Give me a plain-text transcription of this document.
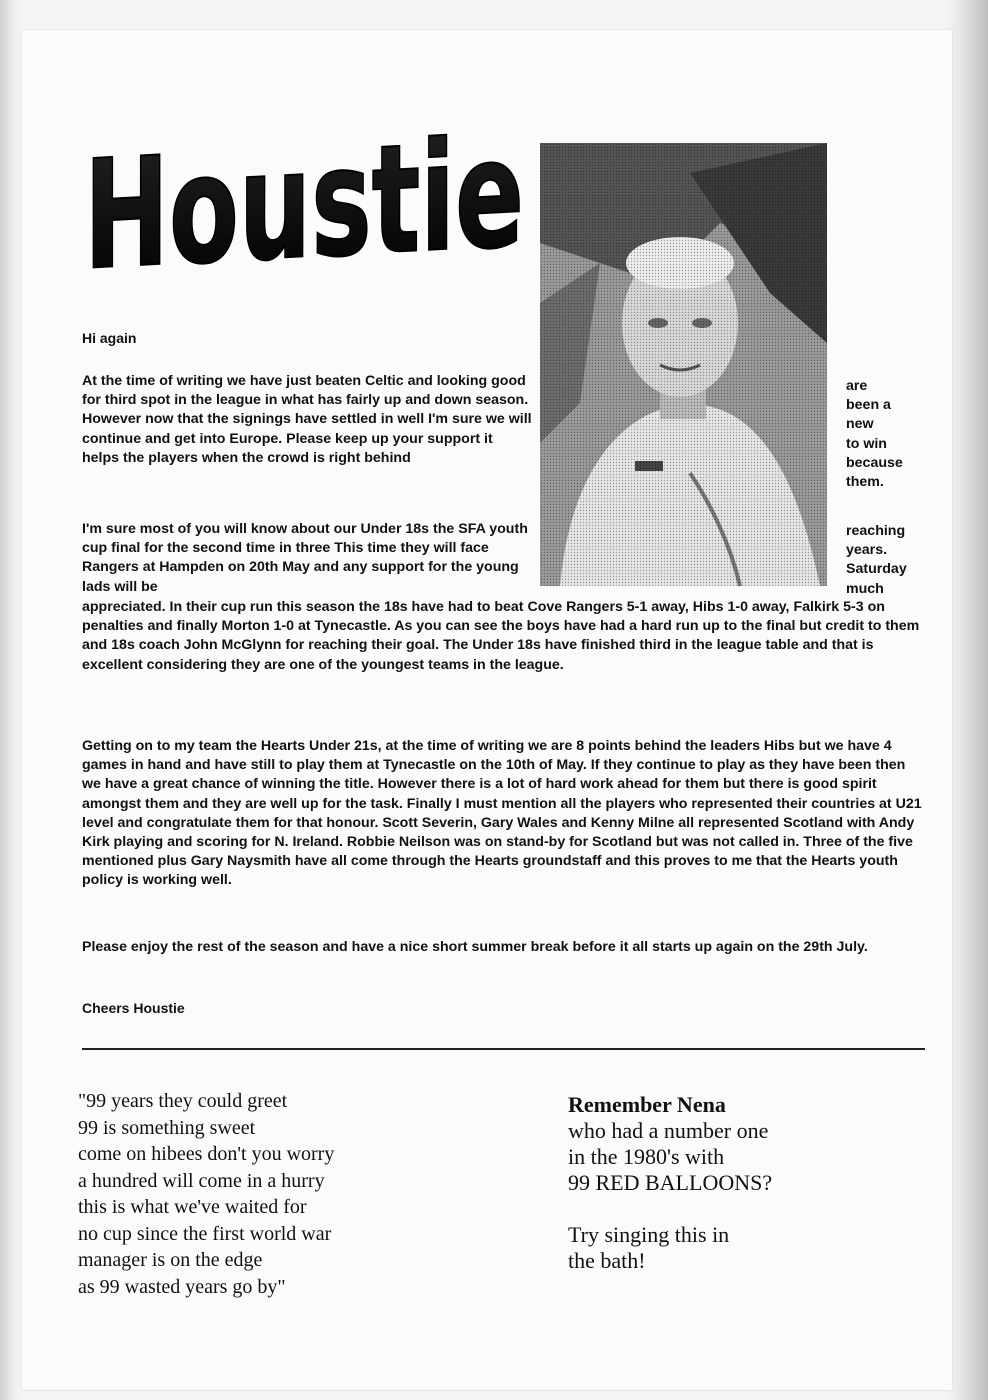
Houstie
Hi again

At the time of writing we have just beaten Celtic and looking good for third spot in the league in what has fairly up and down season. However now that the signings have settled in well I'm sure we will continue and get into Europe. Please keep up your support it helps the players when the crowd is right behind

are
been a
new
to win
because
them.

I'm sure most of you will know about our Under 18s the SFA youth cup final for the second time in three This time they will face Rangers at Hampden on 20th May and any support for the young lads will be

reaching
years.
Saturday
much

appreciated. In their cup run this season the 18s have had to beat Cove Rangers 5-1 away, Hibs 1-0 away, Falkirk 5-3 on penalties and finally Morton 1-0 at Tynecastle. As you can see the boys have had a hard run up to the final but credit to them and 18s coach John McGlynn for reaching their goal. The Under 18s have finished third in the league table and that is excellent considering they are one of the youngest teams in the league.

Getting on to my team the Hearts Under 21s, at the time of writing we are 8 points behind the leaders Hibs but we have 4 games in hand and have still to play them at Tynecastle on the 10th of May. If they continue to play as they have been then we have a great chance of winning the title. However there is a lot of hard work ahead for them but there is good spirit amongst them and they are well up for the task. Finally I must mention all the players who represented their countries at U21 level and congratulate them for that honour. Scott Severin, Gary Wales and Kenny Milne all represented Scotland with Andy Kirk playing and scoring for N. Ireland. Robbie Neilson was on stand-by for Scotland but was not called in. Three of the five mentioned plus Gary Naysmith have all come through the Hearts groundstaff and this proves to me that the Hearts youth policy is working well.

Please enjoy the rest of the season and have a nice short summer break before it all starts up again on the 29th July.

Cheers Houstie
"99 years they could greet
99 is something sweet
come on hibees don't you worry
a hundred will come in a hurry
this is what we've waited for
no cup since the first world war
manager is on the edge
as 99 wasted years go by"
Remember Nena
who had a number one
in the 1980's with
99 RED BALLOONS?
Try singing this in
the bath!
